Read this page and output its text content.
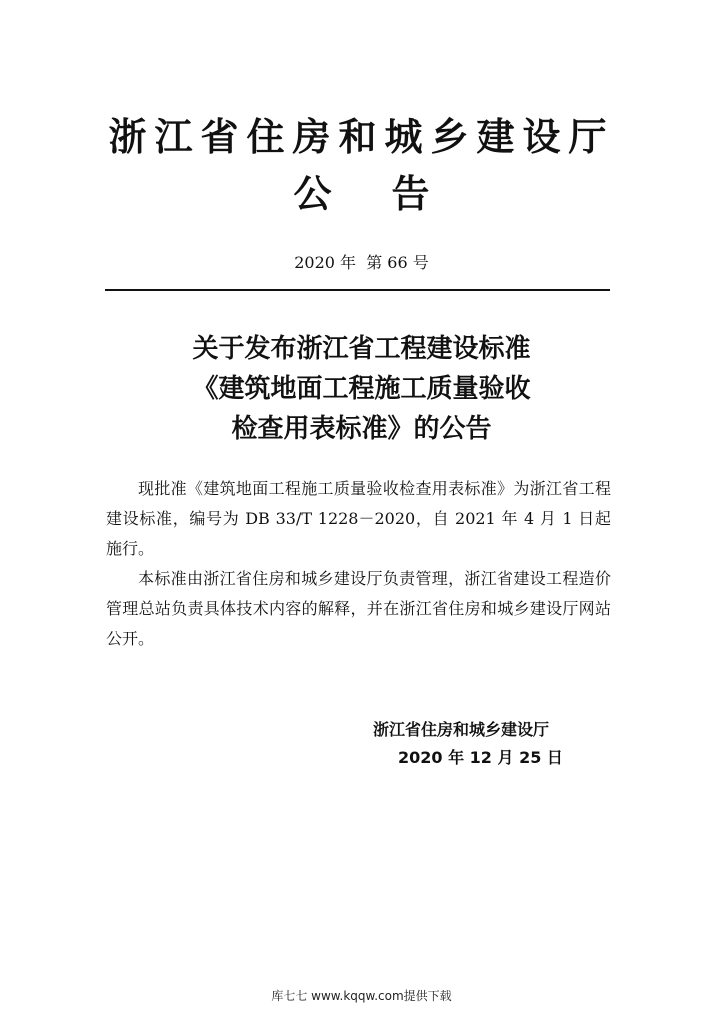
浙江省住房和城乡建设厅
公 告
2020 年  第 66 号
关于发布浙江省工程建设标准
《建筑地面工程施工质量验收
检查用表标准》的公告

现批准《建筑地面工程施工质量验收检查用表标准》为浙江省工程建设标准，编号为 DB 33/T 1228－2020，自 2021 年 4 月 1 日起施行。

本标准由浙江省住房和城乡建设厅负责管理，浙江省建设工程造价管理总站负责具体技术内容的解释，并在浙江省住房和城乡建设厅网站公开。

浙江省住房和城乡建设厅
2020 年 12 月 25 日
库七七 www.kqqw.com提供下载
